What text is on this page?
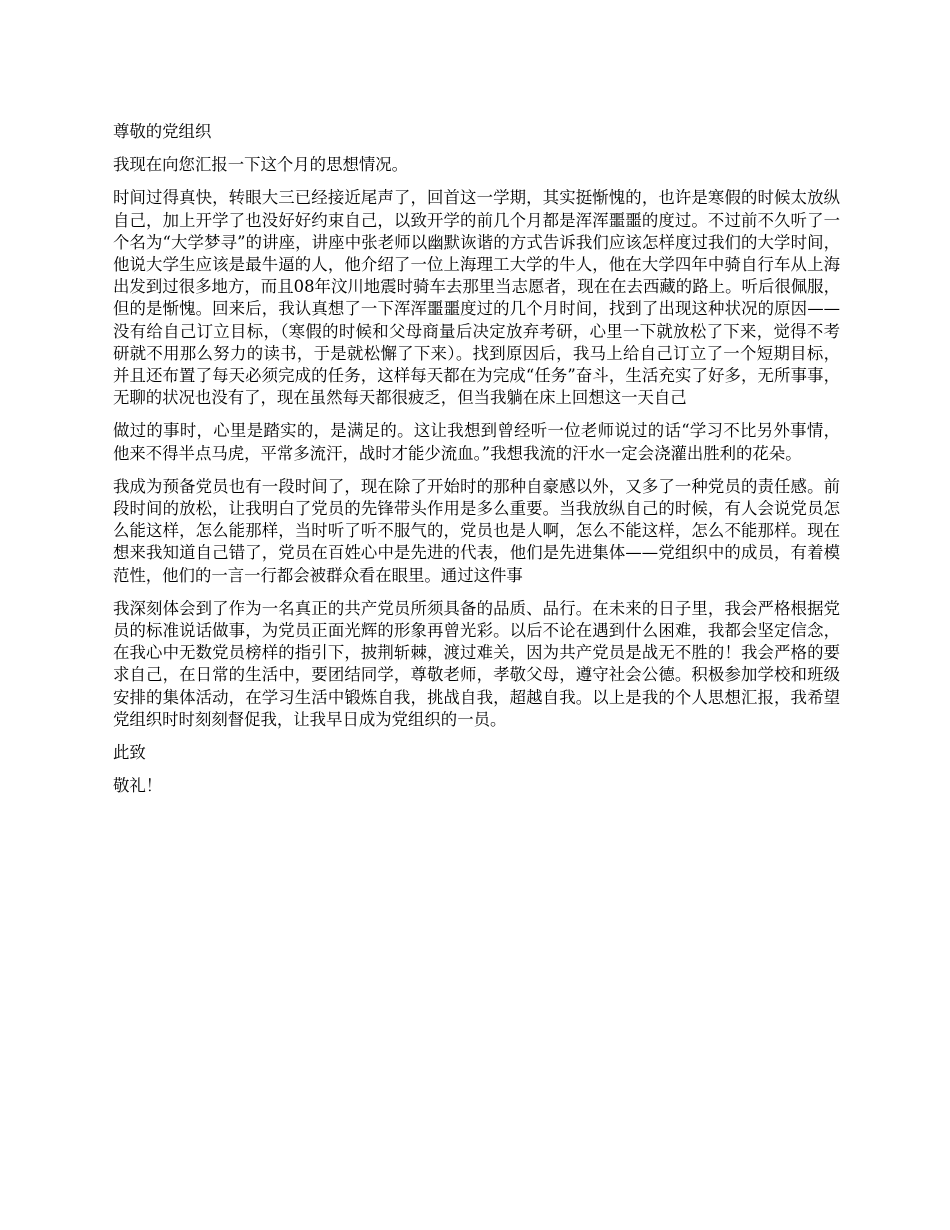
尊敬的党组织

我现在向您汇报一下这个月的思想情况。

时间过得真快，转眼大三已经接近尾声了，回首这一学期，其实挺惭愧的，也许是寒假的时候太放纵自己，加上开学了也没好好约束自己，以致开学的前几个月都是浑浑噩噩的度过。不过前不久听了一个名为“大学梦寻”的讲座，讲座中张老师以幽默诙谐的方式告诉我们应该怎样度过我们的大学时间，他说大学生应该是最牛逼的人，他介绍了一位上海理工大学的牛人，他在大学四年中骑自行车从上海出发到过很多地方，而且08年汶川地震时骑车去那里当志愿者，现在在去西藏的路上。听后很佩服，但的是惭愧。回来后，我认真想了一下浑浑噩噩度过的几个月时间，找到了出现这种状况的原因——没有给自己订立目标，（寒假的时候和父母商量后决定放弃考研，心里一下就放松了下来，觉得不考研就不用那么努力的读书，于是就松懈了下来）。找到原因后，我马上给自己订立了一个短期目标，并且还布置了每天必须完成的任务，这样每天都在为完成“任务”奋斗，生活充实了好多，无所事事，无聊的状况也没有了，现在虽然每天都很疲乏，但当我躺在床上回想这一天自己

做过的事时，心里是踏实的，是满足的。这让我想到曾经听一位老师说过的话“学习不比另外事情，他来不得半点马虎，平常多流汗，战时才能少流血。”我想我流的汗水一定会浇灌出胜利的花朵。

我成为预备党员也有一段时间了，现在除了开始时的那种自豪感以外，又多了一种党员的责任感。前段时间的放松，让我明白了党员的先锋带头作用是多么重要。当我放纵自己的时候，有人会说党员怎么能这样，怎么能那样，当时听了听不服气的，党员也是人啊，怎么不能这样，怎么不能那样。现在想来我知道自己错了，党员在百姓心中是先进的代表，他们是先进集体——党组织中的成员，有着模范性，他们的一言一行都会被群众看在眼里。通过这件事

我深刻体会到了作为一名真正的共产党员所须具备的品质、品行。在未来的日子里，我会严格根据党员的标准说话做事，为党员正面光辉的形象再曾光彩。以后不论在遇到什么困难，我都会坚定信念，在我心中无数党员榜样的指引下，披荆斩棘，渡过难关，因为共产党员是战无不胜的！我会严格的要求自己，在日常的生活中，要团结同学，尊敬老师，孝敬父母，遵守社会公德。积极参加学校和班级安排的集体活动，在学习生活中锻炼自我，挑战自我，超越自我。以上是我的个人思想汇报，我希望党组织时时刻刻督促我，让我早日成为党组织的一员。

此致

敬礼！
